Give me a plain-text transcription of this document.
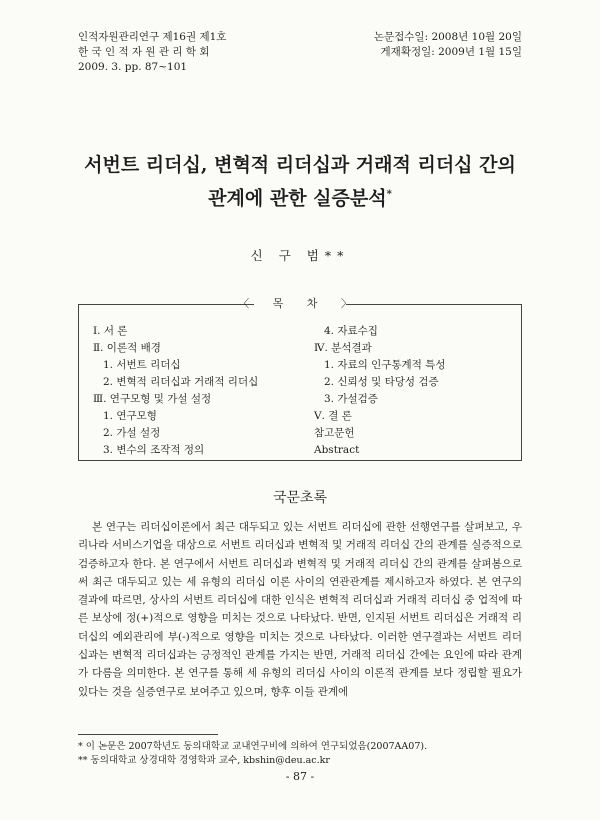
인적자원관리연구 제16권 제1호
한 국 인 적 자 원 관 리 학 회
2009. 3. pp. 87~101
논문접수일: 2008년 10월 20일
게재확정일: 2009년 1월 15일
서번트 리더십, 변혁적 리더십과 거래적 리더십 간의
관계에 관한 실증분석*
신 구 범**
〈 목 차 〉
Ⅰ. 서 론
Ⅱ. 이론적 배경
1. 서번트 리더십
2. 변혁적 리더십과 거래적 리더십
Ⅲ. 연구모형 및 가설 설정
1. 연구모형
2. 가설 설정
3. 변수의 조작적 정의
4. 자료수집
Ⅳ. 분석결과
1. 자료의 인구통계적 특성
2. 신뢰성 및 타당성 검증
3. 가설검증
Ⅴ. 결 론
참고문헌
Abstract
국문초록

본 연구는 리더십이론에서 최근 대두되고 있는 서번트 리더십에 관한 선행연구를 살펴보고, 우리나라 서비스기업을 대상으로 서번트 리더십과 변혁적 및 거래적 리더십 간의 관계를 실증적으로 검증하고자 한다. 본 연구에서 서번트 리더십과 변혁적 및 거래적 리더십 간의 관계를 살펴봄으로써 최근 대두되고 있는 세 유형의 리더십 이론 사이의 연관관계를 제시하고자 하였다. 본 연구의 결과에 따르면, 상사의 서번트 리더십에 대한 인식은 변혁적 리더십과 거래적 리더십 중 업적에 따른 보상에 정(+)적으로 영향을 미치는 것으로 나타났다. 반면, 인지된 서번트 리더십은 거래적 리더십의 예외관리에 부(-)적으로 영향을 미치는 것으로 나타났다. 이러한 연구결과는 서번트 리더십과는 변혁적 리더십과는 긍정적인 관계를 가지는 반면, 거래적 리더십 간에는 요인에 따라 관계가 다름을 의미한다. 본 연구를 통해 세 유형의 리더십 사이의 이론적 관계를 보다 정립할 필요가 있다는 것을 실증연구로 보여주고 있으며, 향후 이들 관계에

* 이 논문은 2007학년도 동의대학교 교내연구비에 의하여 연구되었음(2007AA07).
** 동의대학교 상경대학 경영학과 교수, kbshin@deu.ac.kr
- 87 -
